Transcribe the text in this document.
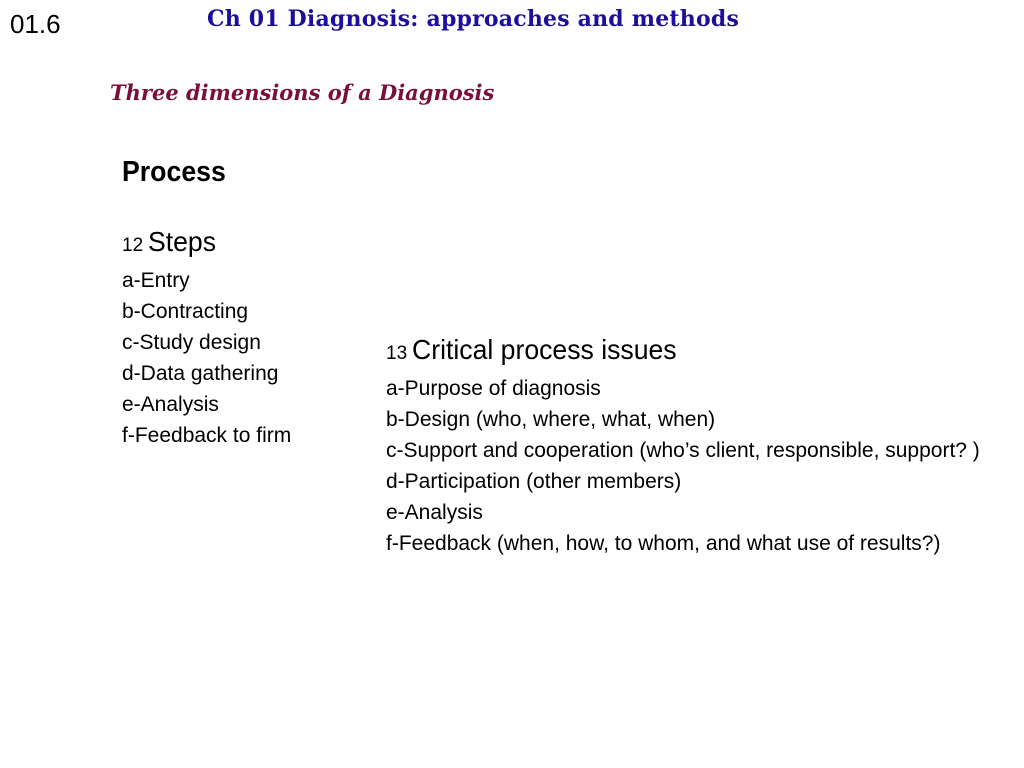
01.6	Ch 01 Diagnosis: approaches and methods
Three dimensions of a Diagnosis
Process
12 Steps
a-Entry
b-Contracting
c-Study design
d-Data gathering
e-Analysis
f-Feedback to firm
13 Critical process issues
a-Purpose of diagnosis
b-Design (who, where, what, when)
c-Support and cooperation (who’s client, responsible, support? )
d-Participation (other members)
e-Analysis
f-Feedback (when, how, to whom, and what use of results?)
